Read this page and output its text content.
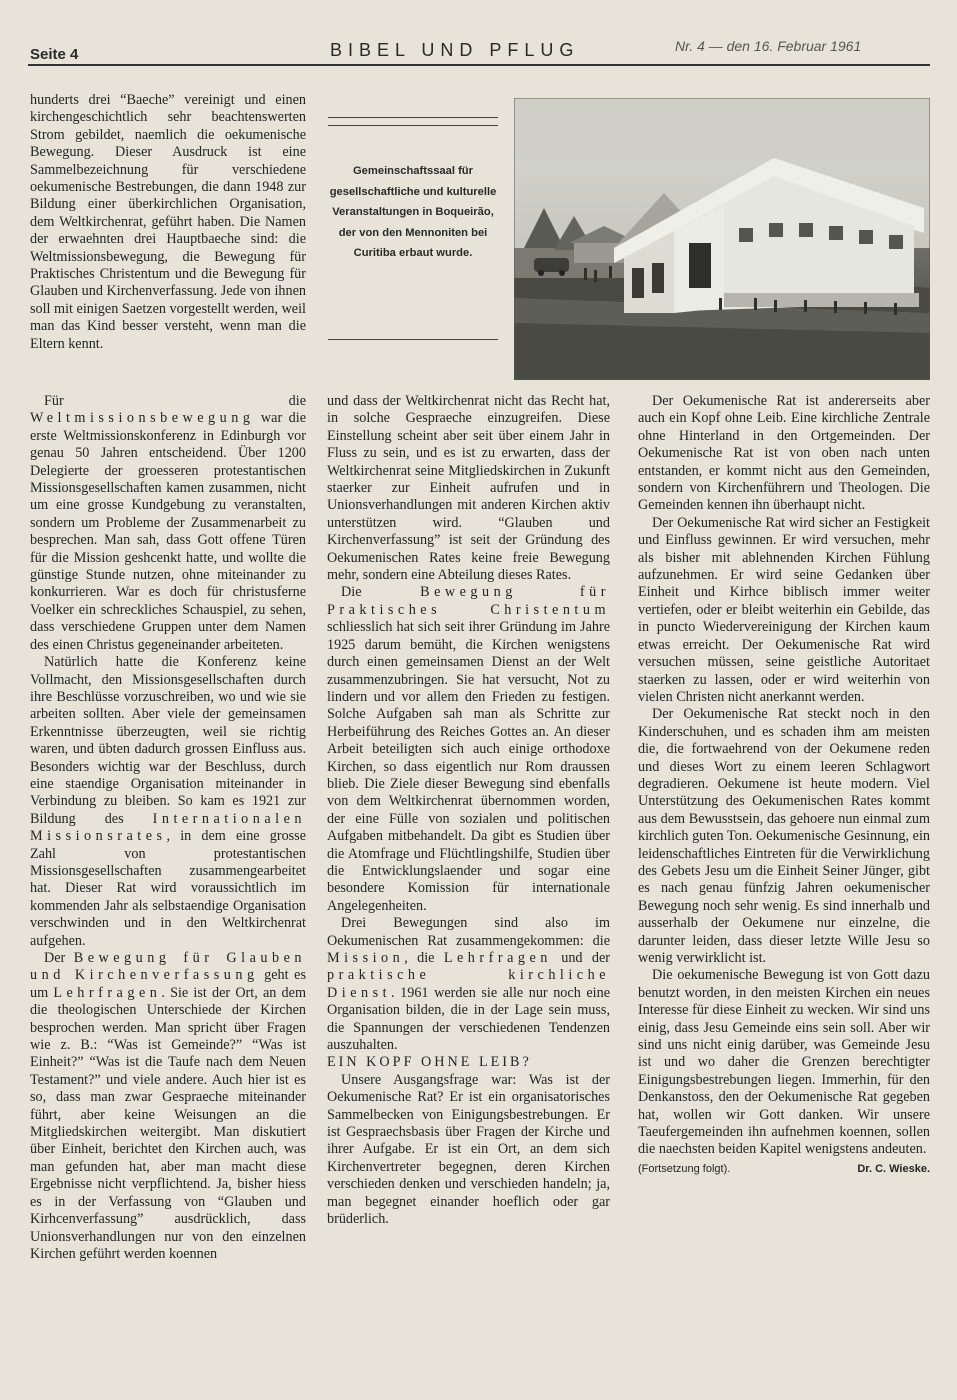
Seite 4	BIBEL UND PFLUG	Nr. 4 — den 16. Februar 1961

hunderts drei “Baeche” vereinigt und einen kirchengeschichtlich sehr beachtenswerten Strom gebildet, naemlich die oekumenische Bewegung. Dieser Ausdruck ist eine Sammelbezeichnung für verschiedene oekumenische Bestrebungen, die dann 1948 zur Bildung einer überkirchlichen Organisation, dem Weltkirchenrat, geführt haben. Die Namen der erwaehnten drei Hauptbaeche sind: die Weltmissionsbewegung, die Bewegung für Praktisches Christentum und die Bewegung für Glauben und Kirchenverfassung. Jede von ihnen soll mit einigen Saetzen vorgestellt werden, weil man das Kind besser versteht, wenn man die Eltern kennt.

Gemeinschaftssaal für gesellschaftliche und kulturelle Veranstaltungen in Boqueirão, der von den Mennoniten bei Curitiba erbaut wurde.

Für die Weltmissionsbewegung war die erste Weltmissionskonferenz in Edinburgh vor genau 50 Jahren entscheidend. Über 1200 Delegierte der groesseren protestantischen Missionsgesellschaften kamen zusammen, nicht um eine grosse Kundgebung zu veranstalten, sondern um Probleme der Zusammenarbeit zu besprechen. Man sah, dass Gott offene Türen für die Mission geshcenkt hatte, und wollte die günstige Stunde nutzen, ohne miteinander zu konkurrieren. War es doch für christusferne Voelker ein schreckliches Schauspiel, zu sehen, dass verschiedene Gruppen unter dem Namen des einen Christus gegeneinander arbeiteten.

Natürlich hatte die Konferenz keine Vollmacht, den Missionsgesellschaften durch ihre Beschlüsse vorzuschreiben, wo und wie sie arbeiten sollten. Aber viele der gemeinsamen Erkenntnisse überzeugten, weil sie richtig waren, und übten dadurch grossen Einfluss aus. Besonders wichtig war der Beschluss, durch eine staendige Organisation miteinander in Verbindung zu bleiben. So kam es 1921 zur Bildung des Internationalen Missionsrates, in dem eine grosse Zahl von protestantischen Missionsgesellschaften zusammengearbeitet hat. Dieser Rat wird voraussichtlich im kommenden Jahr als selbstaendige Organisation verschwinden und in den Weltkirchenrat aufgehen.

Der Bewegung für Glauben und Kirchenverfassung geht es um Lehrfragen. Sie ist der Ort, an dem die theologischen Unterschiede der Kirchen besprochen werden. Man spricht über Fragen wie z. B.: “Was ist Gemeinde?” “Was ist Einheit?” “Was ist die Taufe nach dem Neuen Testament?” und viele andere. Auch hier ist es so, dass man zwar Gespraeche miteinander führt, aber keine Weisungen an die Mitgliedskirchen weitergibt. Man diskutiert über Einheit, berichtet den Kirchen auch, was man gefunden hat, aber man macht diese Ergebnisse nicht verpflichtend. Ja, bisher hiess es in der Verfassung von “Glauben und Kirhcenverfassung” ausdrücklich, dass Unionsverhandlungen nur von den einzelnen Kirchen geführt werden koennen

und dass der Weltkirchenrat nicht das Recht hat, in solche Gespraeche einzugreifen. Diese Einstellung scheint aber seit über einem Jahr in Fluss zu sein, und es ist zu erwarten, dass der Weltkirchenrat seine Mitgliedskirchen in Zukunft staerker zur Einheit aufrufen und in Unionsverhandlungen mit anderen Kirchen aktiv unterstützen wird. “Glauben und Kirchenverfassung” ist seit der Gründung des Oekumenischen Rates keine freie Bewegung mehr, sondern eine Abteilung dieses Rates.

Die Bewegung für Praktisches Christentum schliesslich hat sich seit ihrer Gründung im Jahre 1925 darum bemüht, die Kirchen wenigstens durch einen gemeinsamen Dienst an der Welt zusammenzubringen. Sie hat versucht, Not zu lindern und vor allem den Frieden zu festigen. Solche Aufgaben sah man als Schritte zur Herbeiführung des Reiches Gottes an. An dieser Arbeit beteiligten sich auch einige orthodoxe Kirchen, so dass eigentlich nur Rom draussen blieb. Die Ziele dieser Bewegung sind ebenfalls von dem Weltkirchenrat übernommen worden, der eine Fülle von sozialen und politischen Aufgaben mitbehandelt. Da gibt es Studien über die Atomfrage und Flüchtlingshilfe, Studien über die Entwicklungslaender und sogar eine besondere Komission für internationale Angelegenheiten.

Drei Bewegungen sind also im Oekumenischen Rat zusammengekommen: die Mission, die Lehrfragen und der praktische kirchliche Dienst. 1961 werden sie alle nur noch eine Organisation bilden, die in der Lage sein muss, die Spannungen der verschiedenen Tendenzen auszuhalten.

EIN KOPF OHNE LEIB?

Unsere Ausgangsfrage war: Was ist der Oekumenische Rat? Er ist ein organisatorisches Sammelbecken von Einigungsbestrebungen. Er ist Gespraechsbasis über Fragen der Kirche und ihrer Aufgabe. Er ist ein Ort, an dem sich Kirchenvertreter begegnen, deren Kirchen verschieden denken und verschieden handeln; ja, man begegnet einander hoeflich oder gar brüderlich.

Der Oekumenische Rat ist andererseits aber auch ein Kopf ohne Leib. Eine kirchliche Zentrale ohne Hinterland in den Ortgemeinden. Der Oekumenische Rat ist von oben nach unten entstanden, er kommt nicht aus den Gemeinden, sondern von Kirchenführern und Theologen. Die Gemeinden kennen ihn überhaupt nicht.

Der Oekumenische Rat wird sicher an Festigkeit und Einfluss gewinnen. Er wird versuchen, mehr als bisher mit ablehnenden Kirchen Fühlung aufzunehmen. Er wird seine Gedanken über Einheit und Kirhce biblisch immer weiter vertiefen, oder er bleibt weiterhin ein Gebilde, das in puncto Wiedervereinigung der Kirchen kaum etwas erreicht. Der Oekumenische Rat wird versuchen müssen, seine geistliche Autoritaet staerken zu lassen, oder er wird weiterhin von vielen Christen nicht anerkannt werden.

Der Oekumenische Rat steckt noch in den Kinderschuhen, und es schaden ihm am meisten die, die fortwaehrend von der Oekumene reden und dieses Wort zu einem leeren Schlagwort degradieren. Oekumene ist heute modern. Viel Unterstützung des Oekumenischen Rates kommt aus dem Bewusstsein, das gehoere nun einmal zum kirchlich guten Ton. Oekumenische Gesinnung, ein leidenschaftliches Eintreten für die Verwirklichung des Gebets Jesu um die Einheit Seiner Jünger, gibt es nach genau fünfzig Jahren oekumenischer Bewegung noch sehr wenig. Es sind innerhalb und ausserhalb der Oekumene nur einzelne, die darunter leiden, dass dieser letzte Wille Jesu so wenig verwirklicht ist.

Die oekumenische Bewegung ist von Gott dazu benutzt worden, in den meisten Kirchen ein neues Interesse für diese Einheit zu wecken. Wir sind uns einig, dass Jesu Gemeinde eins sein soll. Aber wir sind uns nicht einig darüber, was Gemeinde Jesu ist und wo daher die Grenzen berechtigter Einigungsbestrebungen liegen. Immerhin, für den Denkanstoss, den der Oekumenische Rat gegeben hat, wollen wir Gott danken. Wir unsere Taeufergemeinden ihn aufnehmen koennen, sollen die naechsten beiden Kapitel wenigstens andeuten.

(Fortsetzung folgt).	Dr. C. Wieske.
